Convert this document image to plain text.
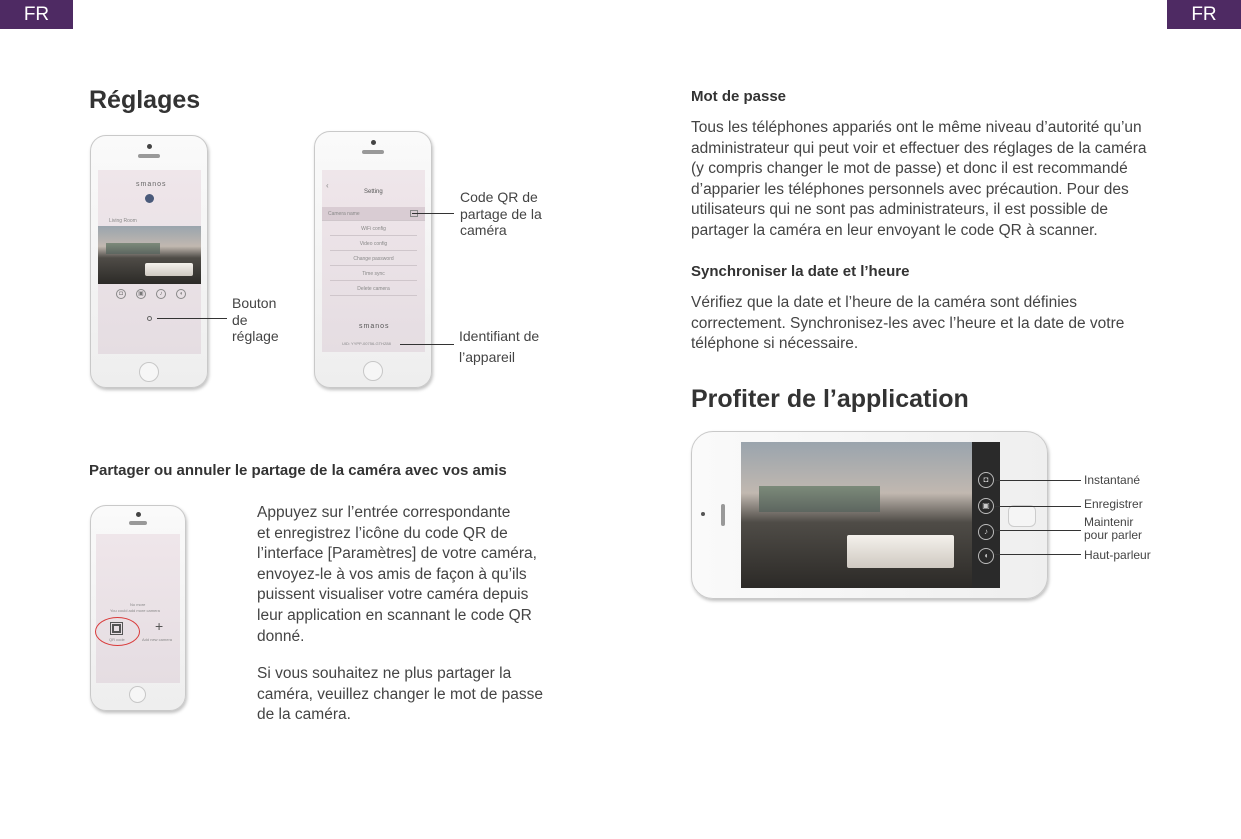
FR	FR
Réglages
smanos
Living Room
◘	▣	♪	◖
Bouton
de
réglage
‹
Setting
Camera name
WiFi config
Video config
Change password
Time sync
Delete camera
smanos
UID: YYPP-00756-GTHZ88
Code QR de
partage de la
caméra
Identifiant de
l’appareil
Partager ou annuler le partage de la caméra avec vos amis
No more
You could add more camera
QR code
+
Add new camera
Appuyez sur l’entrée correspondante
et enregistrez l’icône du code QR de
l’interface [Paramètres] de votre caméra,
envoyez-le à vos amis de façon à qu’ils
puissent visualiser votre caméra depuis
leur application en scannant le code QR
donné.
Si vous souhaitez ne plus partager la
caméra, veuillez changer le mot de passe
de la caméra.
Mot de passe
Tous les téléphones appariés ont le même niveau d’autorité qu’un
administrateur qui peut voir et effectuer des réglages de la caméra
(y compris changer le mot de passe) et donc il est recommandé
d’apparier les téléphones personnels avec précaution. Pour des
utilisateurs qui ne sont pas administrateurs, il est possible de
partager la caméra en leur envoyant le code QR à scanner.
Synchroniser la date et l’heure
Vérifiez que la date et l’heure de la caméra sont définies
correctement. Synchronisez-les avec l’heure et la date de votre
téléphone si nécessaire.
Profiter de l’application
◘
▣
♪
◖
Instantané
Enregistrer
Maintenir
pour parler
Haut-parleur
